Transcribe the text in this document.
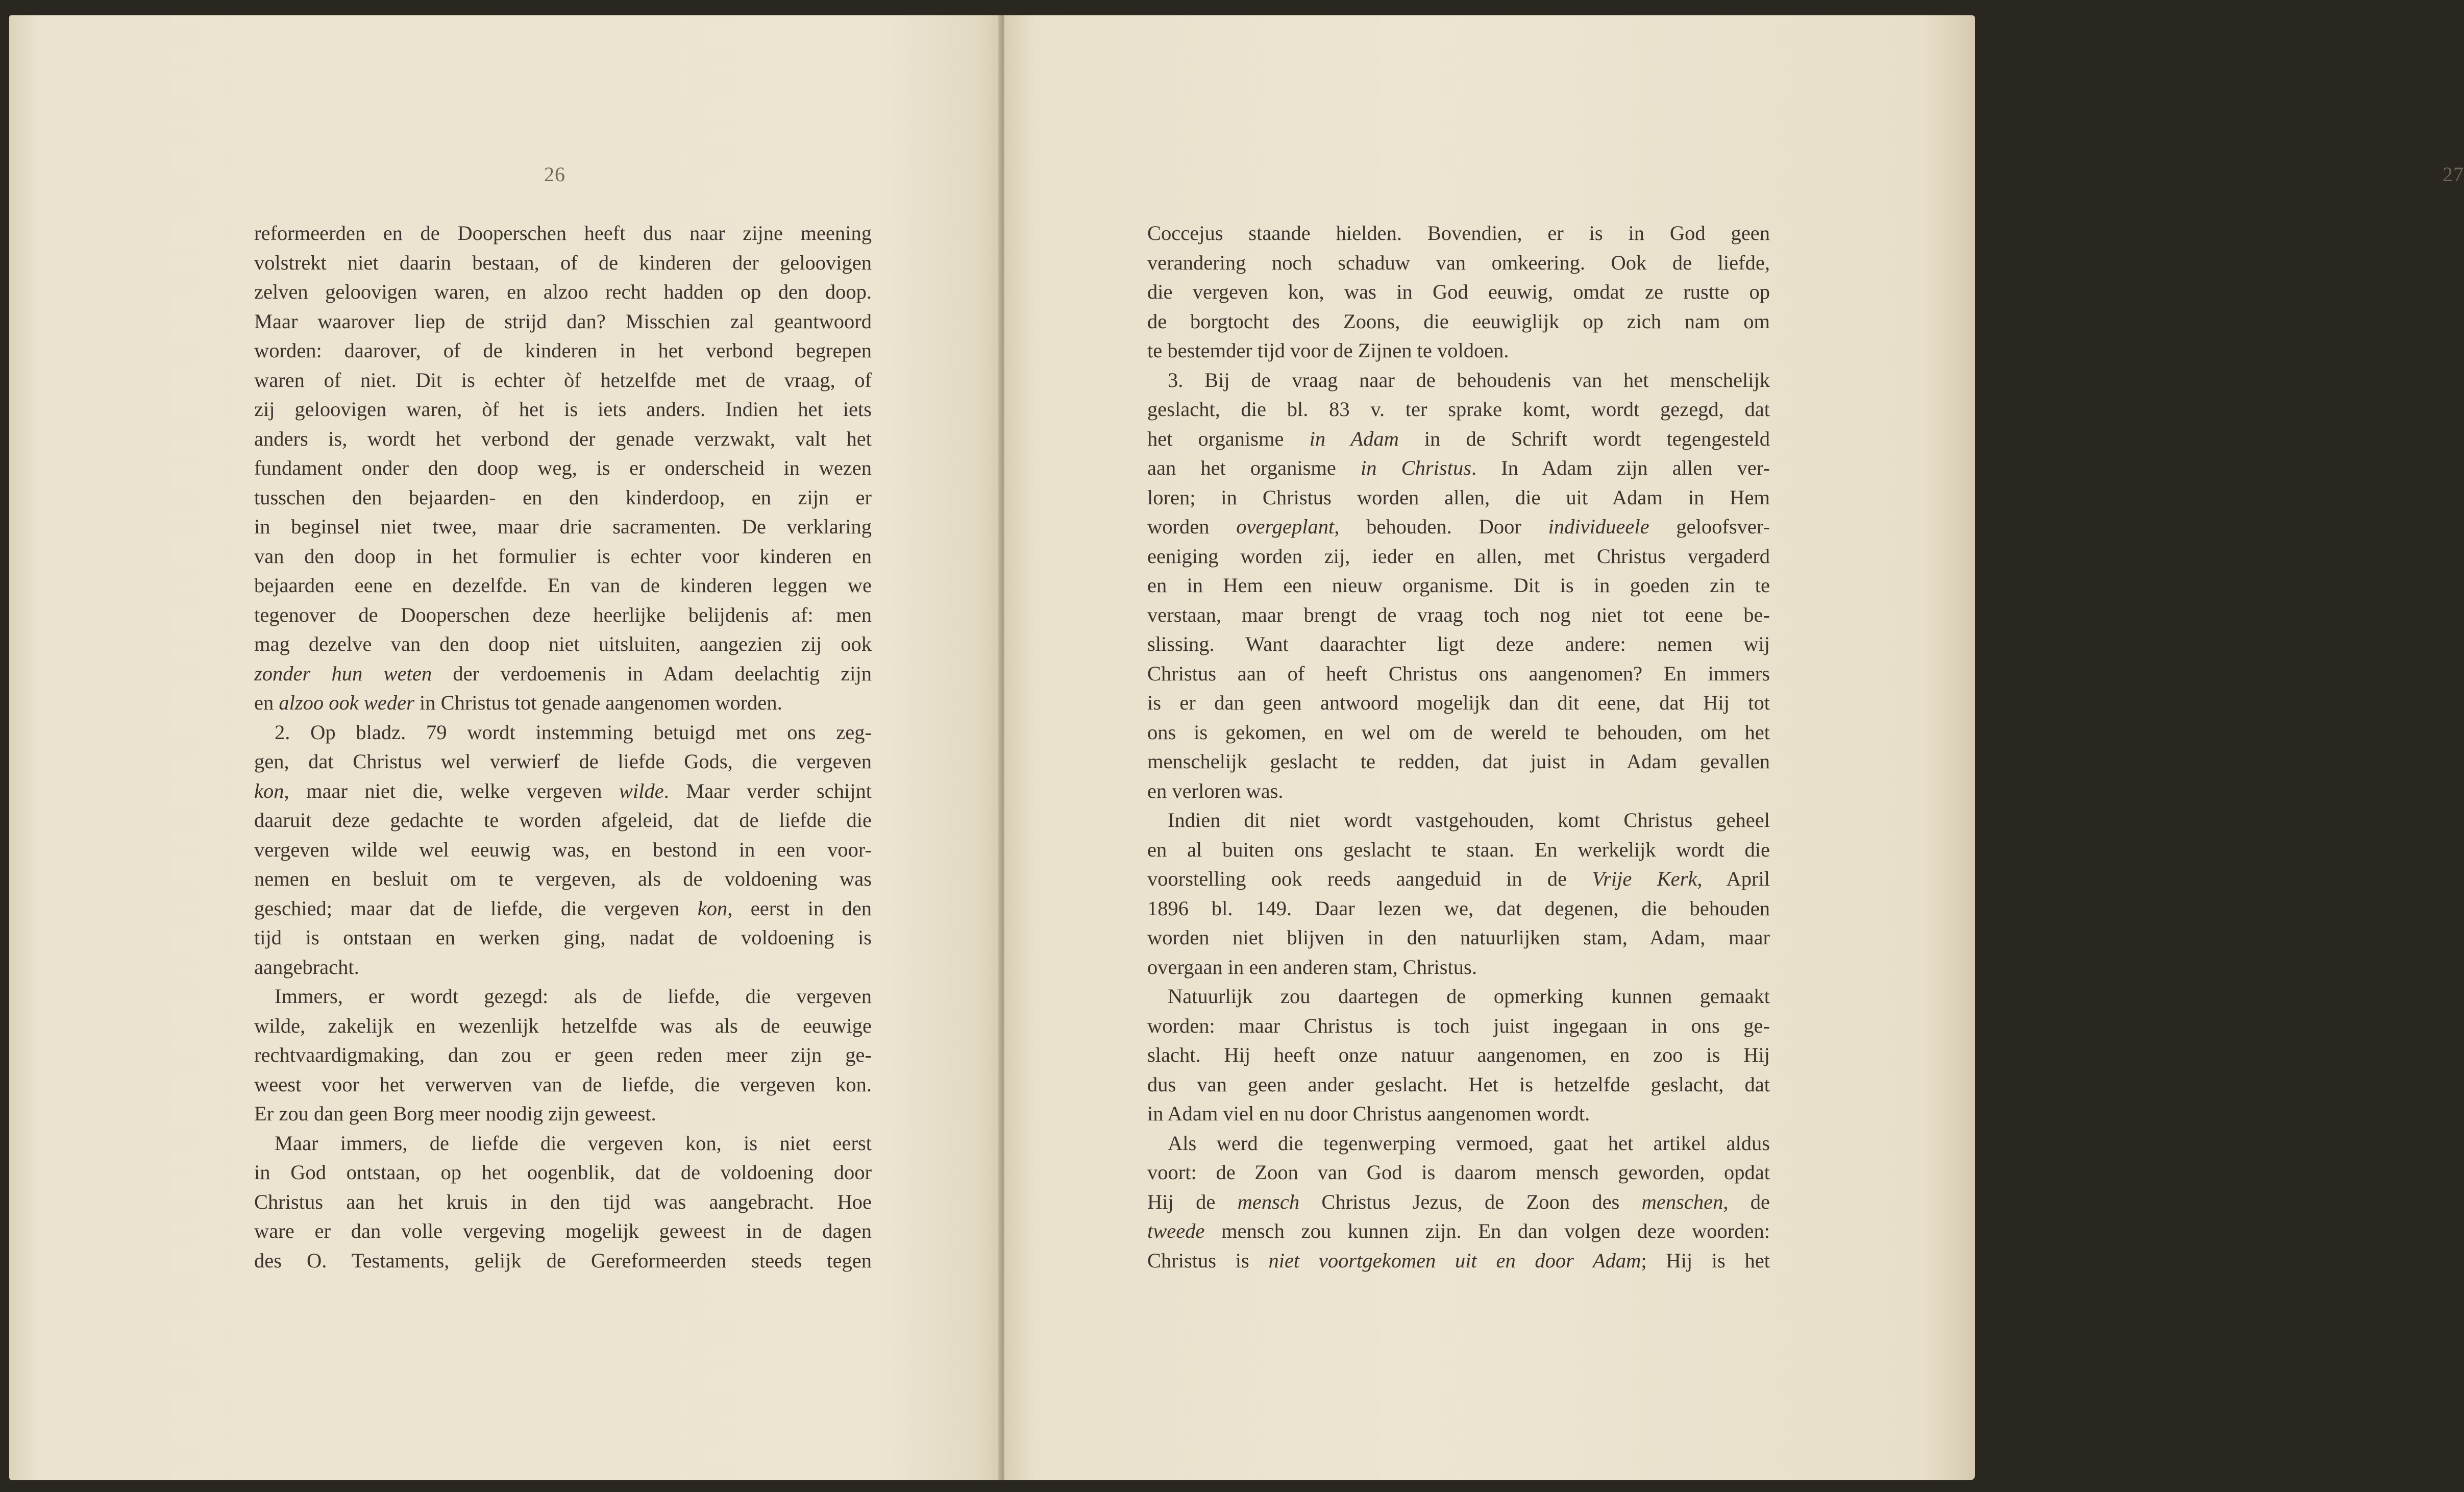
26
reformeerden en de Dooperschen heeft dus naar zijne meening
volstrekt niet daarin bestaan, of de kinderen der geloovigen
zelven geloovigen waren, en alzoo recht hadden op den doop.
Maar waarover liep de strijd dan? Misschien zal geantwoord
worden: daarover, of de kinderen in het verbond begrepen
waren of niet. Dit is echter òf hetzelfde met de vraag, of
zij geloovigen waren, òf het is iets anders. Indien het iets
anders is, wordt het verbond der genade verzwakt, valt het
fundament onder den doop weg, is er onderscheid in wezen
tusschen den bejaarden- en den kinderdoop, en zijn er
in beginsel niet twee, maar drie sacramenten. De verklaring
van den doop in het formulier is echter voor kinderen en
bejaarden eene en dezelfde. En van de kinderen leggen we
tegenover de Dooperschen deze heerlijke belijdenis af: men
mag dezelve van den doop niet uitsluiten, aangezien zij ook
zonder hun weten der verdoemenis in Adam deelachtig zijn
en alzoo ook weder in Christus tot genade aangenomen worden.
2. Op bladz. 79 wordt instemming betuigd met ons zeg-
gen, dat Christus wel verwierf de liefde Gods, die vergeven
kon, maar niet die, welke vergeven wilde. Maar verder schijnt
daaruit deze gedachte te worden afgeleid, dat de liefde die
vergeven wilde wel eeuwig was, en bestond in een voor-
nemen en besluit om te vergeven, als de voldoening was
geschied; maar dat de liefde, die vergeven kon, eerst in den
tijd is ontstaan en werken ging, nadat de voldoening is
aangebracht.
Immers, er wordt gezegd: als de liefde, die vergeven
wilde, zakelijk en wezenlijk hetzelfde was als de eeuwige
rechtvaardigmaking, dan zou er geen reden meer zijn ge-
weest voor het verwerven van de liefde, die vergeven kon.
Er zou dan geen Borg meer noodig zijn geweest.
Maar immers, de liefde die vergeven kon, is niet eerst
in God ontstaan, op het oogenblik, dat de voldoening door
Christus aan het kruis in den tijd was aangebracht. Hoe
ware er dan volle vergeving mogelijk geweest in de dagen
des O. Testaments, gelijk de Gereformeerden steeds tegen
27
Coccejus staande hielden. Bovendien, er is in God geen
verandering noch schaduw van omkeering. Ook de liefde,
die vergeven kon, was in God eeuwig, omdat ze rustte op
de borgtocht des Zoons, die eeuwiglijk op zich nam om
te bestemder tijd voor de Zijnen te voldoen.
3. Bij de vraag naar de behoudenis van het menschelijk
geslacht, die bl. 83 v. ter sprake komt, wordt gezegd, dat
het organisme in Adam in de Schrift wordt tegengesteld
aan het organisme in Christus. In Adam zijn allen ver-
loren; in Christus worden allen, die uit Adam in Hem
worden overgeplant, behouden. Door individueele geloofsver-
eeniging worden zij, ieder en allen, met Christus vergaderd
en in Hem een nieuw organisme. Dit is in goeden zin te
verstaan, maar brengt de vraag toch nog niet tot eene be-
slissing. Want daarachter ligt deze andere: nemen wij
Christus aan of heeft Christus ons aangenomen? En immers
is er dan geen antwoord mogelijk dan dit eene, dat Hij tot
ons is gekomen, en wel om de wereld te behouden, om het
menschelijk geslacht te redden, dat juist in Adam gevallen
en verloren was.
Indien dit niet wordt vastgehouden, komt Christus geheel
en al buiten ons geslacht te staan. En werkelijk wordt die
voorstelling ook reeds aangeduid in de Vrije Kerk, April
1896 bl. 149. Daar lezen we, dat degenen, die behouden
worden niet blijven in den natuurlijken stam, Adam, maar
overgaan in een anderen stam, Christus.
Natuurlijk zou daartegen de opmerking kunnen gemaakt
worden: maar Christus is toch juist ingegaan in ons ge-
slacht. Hij heeft onze natuur aangenomen, en zoo is Hij
dus van geen ander geslacht. Het is hetzelfde geslacht, dat
in Adam viel en nu door Christus aangenomen wordt.
Als werd die tegenwerping vermoed, gaat het artikel aldus
voort: de Zoon van God is daarom mensch geworden, opdat
Hij de mensch Christus Jezus, de Zoon des menschen, de
tweede mensch zou kunnen zijn. En dan volgen deze woorden:
Christus is niet voortgekomen uit en door Adam; Hij is het
